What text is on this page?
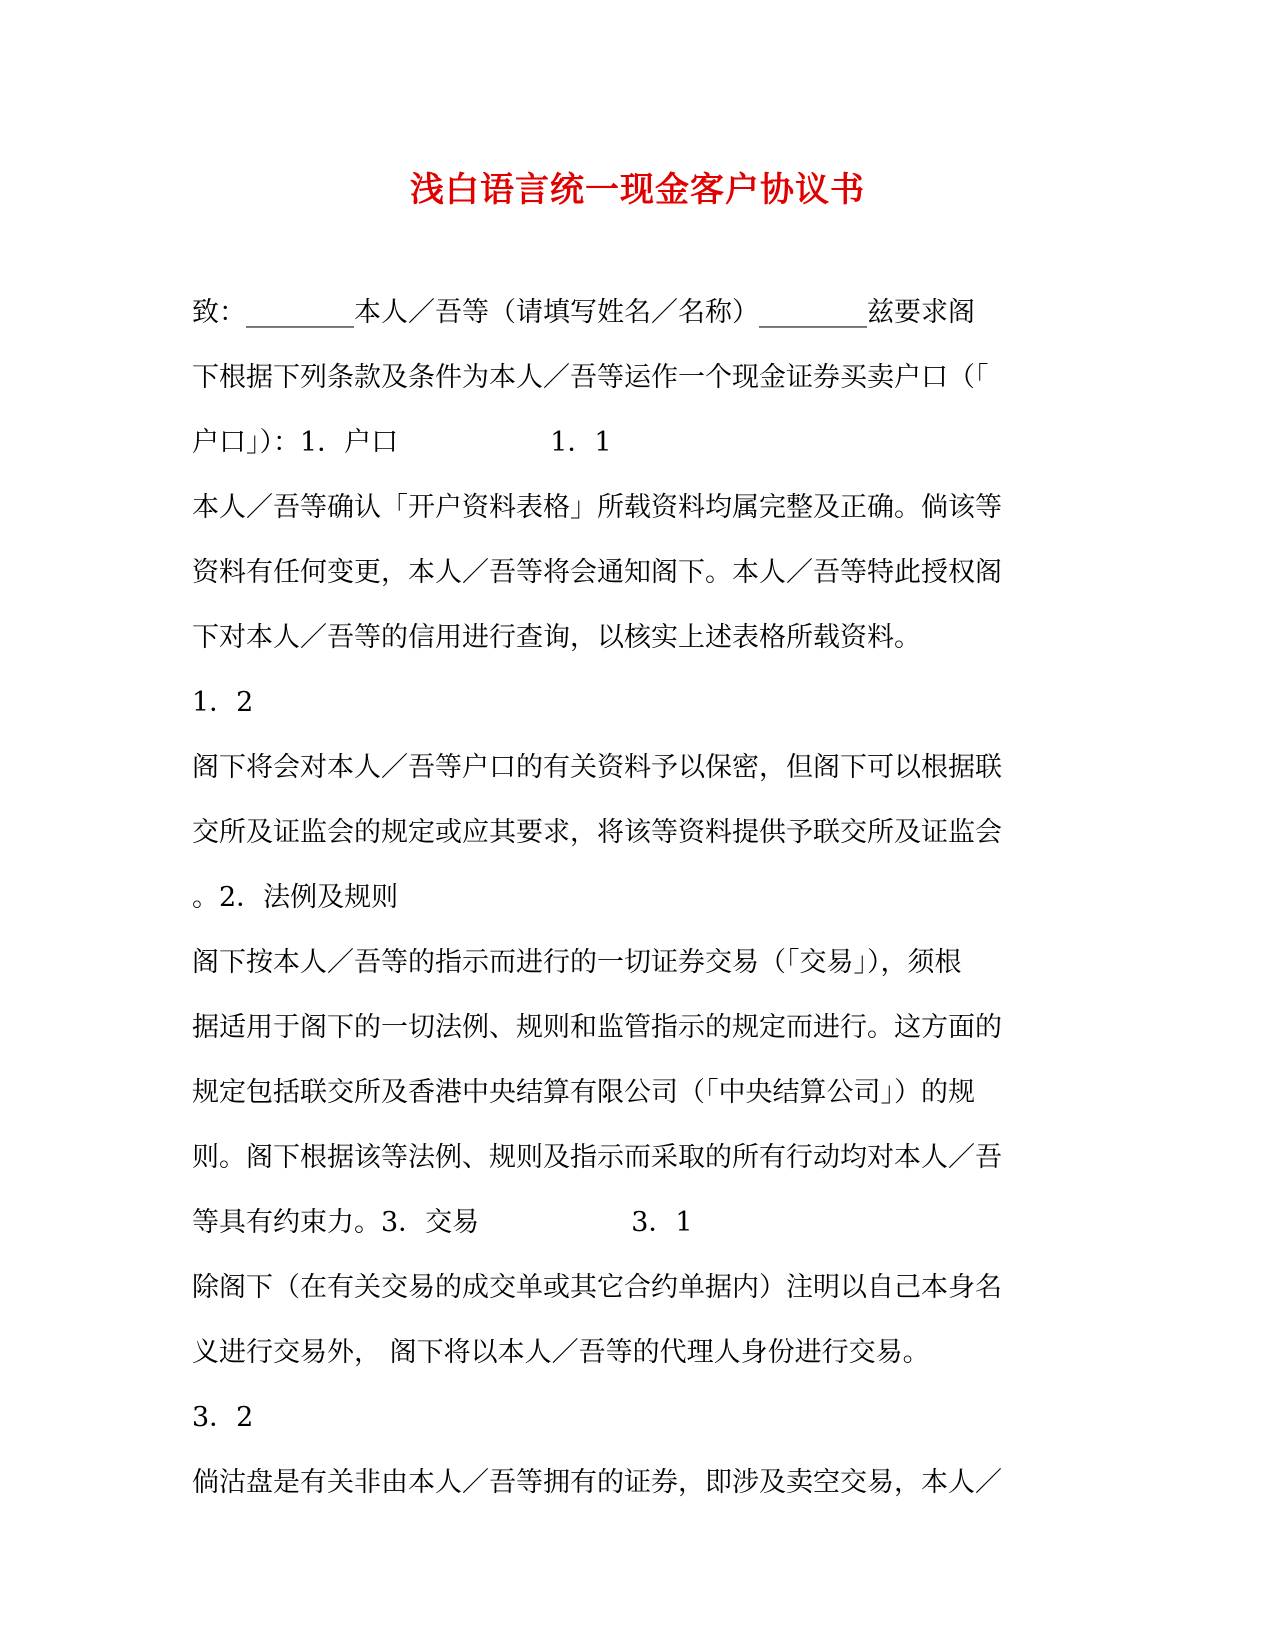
浅白语言统一现金客户协议书
致：________本人／吾等（请填写姓名／名称）________兹要求阁
下根据下列条款及条件为本人／吾等运作一个现金证券买卖户口（「
户口」）：1．户口	1．1
本人／吾等确认「开户资料表格」所载资料均属完整及正确。倘该等
资料有任何变更，本人／吾等将会通知阁下。本人／吾等特此授权阁
下对本人／吾等的信用进行查询，以核实上述表格所载资料。
1．2
阁下将会对本人／吾等户口的有关资料予以保密，但阁下可以根据联
交所及证监会的规定或应其要求，将该等资料提供予联交所及证监会
。2．法例及规则
阁下按本人／吾等的指示而进行的一切证券交易（「交易」），须根
据适用于阁下的一切法例、规则和监管指示的规定而进行。这方面的
规定包括联交所及香港中央结算有限公司（「中央结算公司」）的规
则。阁下根据该等法例、规则及指示而采取的所有行动均对本人／吾
等具有约束力。3．交易	3．1
除阁下（在有关交易的成交单或其它合约单据内）注明以自己本身名
义进行交易外， 阁下将以本人／吾等的代理人身份进行交易。
3．2
倘沽盘是有关非由本人／吾等拥有的证券，即涉及卖空交易，本人／
